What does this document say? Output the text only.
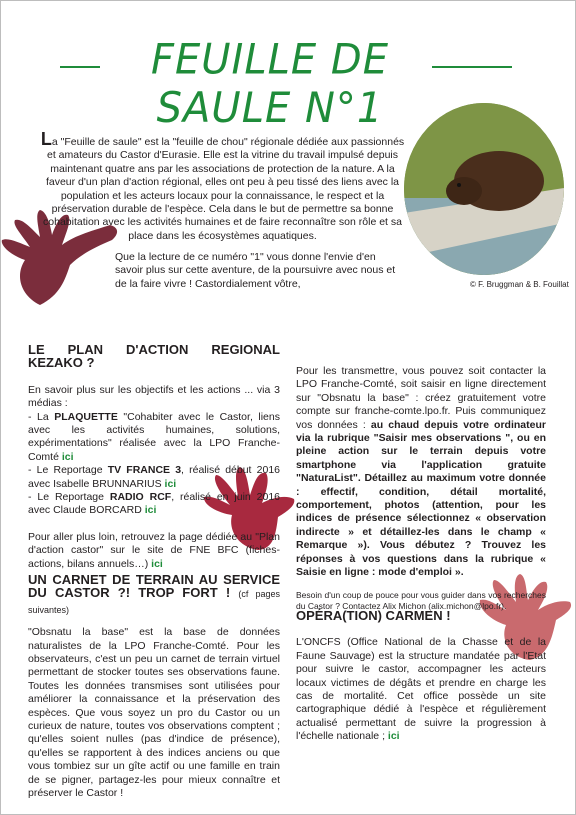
FEUILLE DE SAULE N°1
© F. Bruggman & B. Fouillat
La "Feuille de saule" est la "feuille de chou" régionale dédiée aux passionnés et amateurs du Castor d'Eurasie. Elle est la vitrine du travail impulsé depuis maintenant quatre ans par les associations de protection de la nature. A la faveur d'un plan d'action régional, elles ont peu à peu tissé des liens avec la population et les acteurs locaux pour la connaissance, le respect et la préservation durable de l'espèce. Cela dans le but de permettre sa bonne cohabitation avec les activités humaines et de faire reconnaître son rôle et sa place dans les écosystèmes aquatiques.
Que la lecture de ce numéro "1" vous donne l'envie d'en savoir plus sur cette aventure, de la poursuivre avec nous et de la faire vivre ! Castordialement vôtre,
LE PLAN D'ACTION REGIONAL KEZAKO ?

En savoir plus sur les objectifs et les actions ... via 3 médias :

- La PLAQUETTE "Cohabiter avec le Castor, liens avec les activités humaines, solutions, expérimentations" réalisée avec la LPO Franche-Comté ici

- Le Reportage TV FRANCE 3, réalisé début 2016 avec Isabelle BRUNNARIUS ici

- Le Reportage RADIO RCF, réalisé en juin 2016 avec Claude BORCARD ici

Pour aller plus loin, retrouvez la page dédiée au "Plan d'action castor" sur le site de FNE BFC (fiches-actions, bilans annuels…) ici

UN CARNET DE TERRAIN AU SERVICE DU CASTOR ?! TROP FORT ! (cf pages suivantes)

"Obsnatu la base" est la base de données naturalistes de la LPO Franche-Comté. Pour les observateurs, c'est un peu un carnet de terrain virtuel permettant de stocker toutes ses observations faune. Toutes les données transmises sont utilisées pour améliorer la connaissance et la préservation des espèces. Que vous soyez un pro du Castor ou un curieux de nature, toutes vos observations comptent ; qu'elles soient nulles (pas d'indice de présence), qu'elles se rapportent à des indices anciens ou que vous tombiez sur un gîte actif ou une famille en train de se pigner, partagez-les pour mieux connaître et préserver le Castor !

Pour les transmettre, vous pouvez soit contacter la LPO Franche-Comté, soit saisir en ligne directement sur "Obsnatu la base" : créez gratuitement votre compte sur franche-comte.lpo.fr. Puis communiquez vos données : au chaud depuis votre ordinateur via la rubrique "Saisir mes observations ", ou en pleine action sur le terrain depuis votre smartphone via l'application gratuite "NaturaList". Détaillez au maximum votre donnée : effectif, condition, détail mortalité, comportement, photos (attention, pour les indices de présence sélectionnez « observation indirecte » et détaillez-les dans le champ « Remarque »). Vous débutez ? Trouvez les réponses à vos questions dans la rubrique « Saisie en ligne : mode d'emploi ».

Besoin d'un coup de pouce pour vous guider dans vos recherches du Castor ? Contactez Alix Michon (alix.michon@lpo.fr).

OPÉRA(TION) CARMEN !

L'ONCFS (Office National de la Chasse et de la Faune Sauvage) est la structure mandatée par l'Etat pour suivre le castor, accompagner les acteurs locaux victimes de dégâts et prendre en charge les cas de mortalité. Cet office possède un site cartographique dédié à l'espèce et régulièrement actualisé permettant de suivre la progression à l'échelle nationale ; ici
